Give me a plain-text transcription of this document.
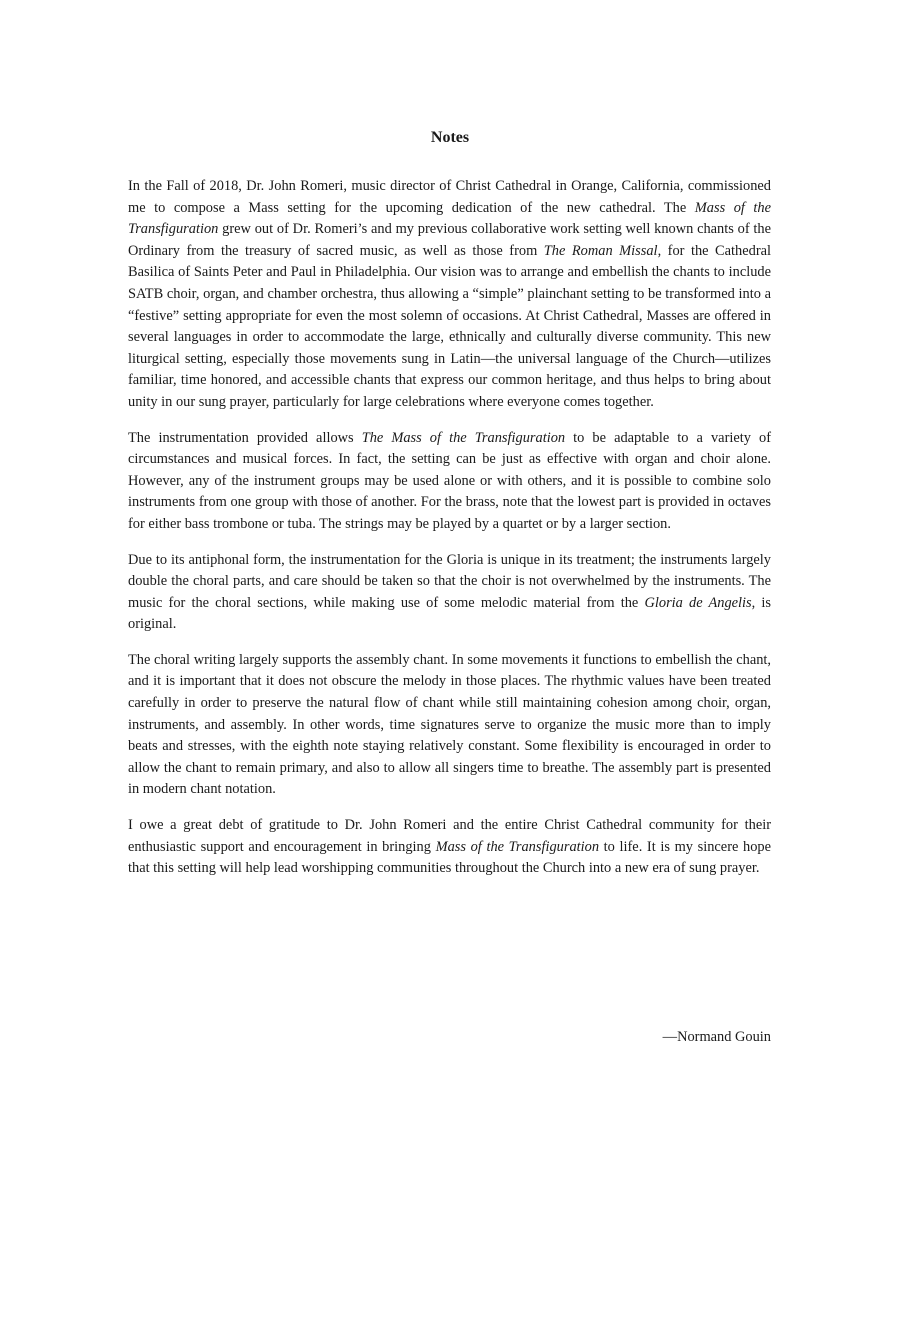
Notes

In the Fall of 2018, Dr. John Romeri, music director of Christ Cathedral in Orange, California, commissioned me to compose a Mass setting for the upcoming dedication of the new cathedral. The Mass of the Transfiguration grew out of Dr. Romeri’s and my previous collaborative work setting well known chants of the Ordinary from the treasury of sacred music, as well as those from The Roman Missal, for the Cathedral Basilica of Saints Peter and Paul in Philadelphia. Our vision was to arrange and embellish the chants to include SATB choir, organ, and chamber orchestra, thus allowing a “simple” plainchant setting to be transformed into a “festive” setting appropriate for even the most solemn of occasions. At Christ Cathedral, Masses are offered in several languages in order to accommodate the large, ethnically and culturally diverse community. This new liturgical setting, especially those movements sung in Latin—the universal language of the Church—utilizes familiar, time honored, and accessible chants that express our common heritage, and thus helps to bring about unity in our sung prayer, particularly for large celebrations where everyone comes together.

The instrumentation provided allows The Mass of the Transfiguration to be adaptable to a variety of circumstances and musical forces. In fact, the setting can be just as effective with organ and choir alone. However, any of the instrument groups may be used alone or with others, and it is possible to combine solo instruments from one group with those of another. For the brass, note that the lowest part is provided in octaves for either bass trombone or tuba. The strings may be played by a quartet or by a larger section.

Due to its antiphonal form, the instrumentation for the Gloria is unique in its treatment; the instruments largely double the choral parts, and care should be taken so that the choir is not overwhelmed by the instruments. The music for the choral sections, while making use of some melodic material from the Gloria de Angelis, is original.

The choral writing largely supports the assembly chant. In some movements it functions to embellish the chant, and it is important that it does not obscure the melody in those places. The rhythmic values have been treated carefully in order to preserve the natural flow of chant while still maintaining cohesion among choir, organ, instruments, and assembly. In other words, time signatures serve to organize the music more than to imply beats and stresses, with the eighth note staying relatively constant. Some flexibility is encouraged in order to allow the chant to remain primary, and also to allow all singers time to breathe. The assembly part is presented in modern chant notation.

I owe a great debt of gratitude to Dr. John Romeri and the entire Christ Cathedral community for their enthusiastic support and encouragement in bringing Mass of the Transfiguration to life. It is my sincere hope that this setting will help lead worshipping communities throughout the Church into a new era of sung prayer.

—Normand Gouin
